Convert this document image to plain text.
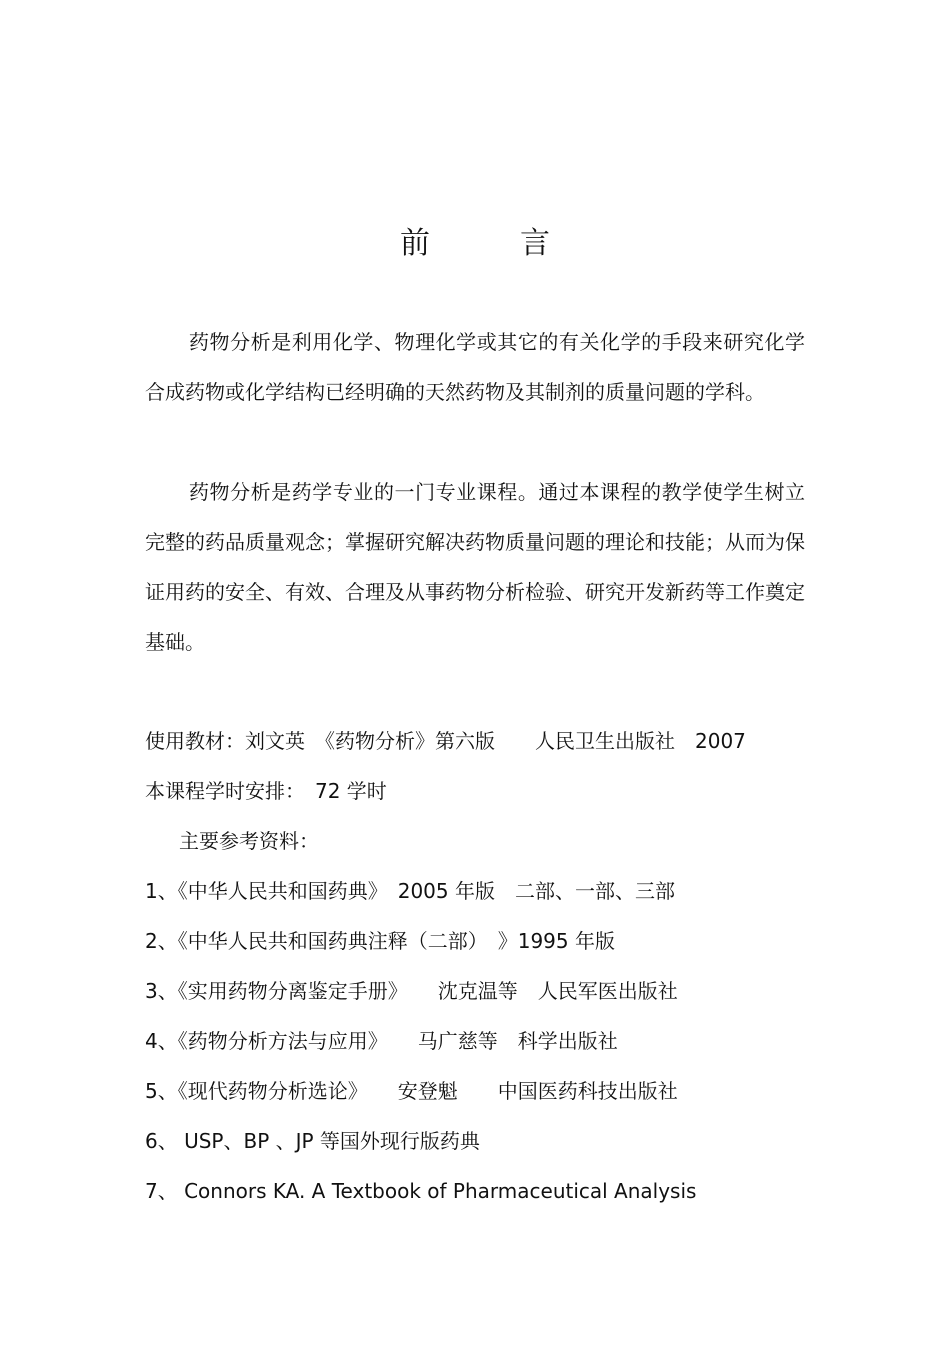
前	言

药物分析是利用化学、物理化学或其它的有关化学的手段来研究化学合成药物或化学结构已经明确的天然药物及其制剂的质量问题的学科。

药物分析是药学专业的一门专业课程。通过本课程的教学使学生树立完整的药品质量观念；掌握研究解决药物质量问题的理论和技能；从而为保证用药的安全、有效、合理及从事药物分析检验、研究开发新药等工作奠定基础。

使用教材：刘文英　《药物分析》第六版　　人民卫生出版社　2007
本课程学时安排：　72 学时
主要参考资料：
1、《中华人民共和国药典》　2005 年版　二部、一部、三部
2、《中华人民共和国药典注释（二部）　》1995 年版
3、《实用药物分离鉴定手册》　　沈克温等　人民军医出版社
4、《药物分析方法与应用》　　马广慈等　科学出版社
5、《现代药物分析选论》　　安登魁　　中国医药科技出版社
6、 USP、BP 、JP 等国外现行版药典
7、 Connors KA. A Textbook of Pharmaceutical Analysis
